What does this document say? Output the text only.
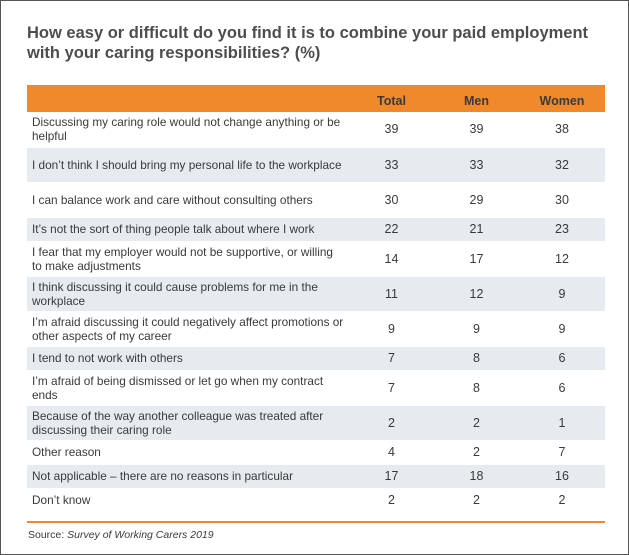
How easy or difficult do you find it is to combine your paid employment with your caring responsibilities? (%)
	Total	Men	Women
Discussing my caring role would not change anything or be helpful	39	39	38
I don’t think I should bring my personal life to the workplace	33	33	32
I can balance work and care without consulting others	30	29	30
It’s not the sort of thing people talk about where I work	22	21	23
I fear that my employer would not be supportive, or willing to make adjustments	14	17	12
I think discussing it could cause problems for me in the workplace	11	12	9
I’m afraid discussing it could negatively affect promotions or other aspects of my career	9	9	9
I tend to not work with others	7	8	6
I’m afraid of being dismissed or let go when my contract ends	7	8	6
Because of the way another colleague was treated after discussing their caring role	2	2	1
Other reason	4	2	7
Not applicable – there are no reasons in particular	17	18	16
Don’t know	2	2	2
Source: Survey of Working Carers 2019
